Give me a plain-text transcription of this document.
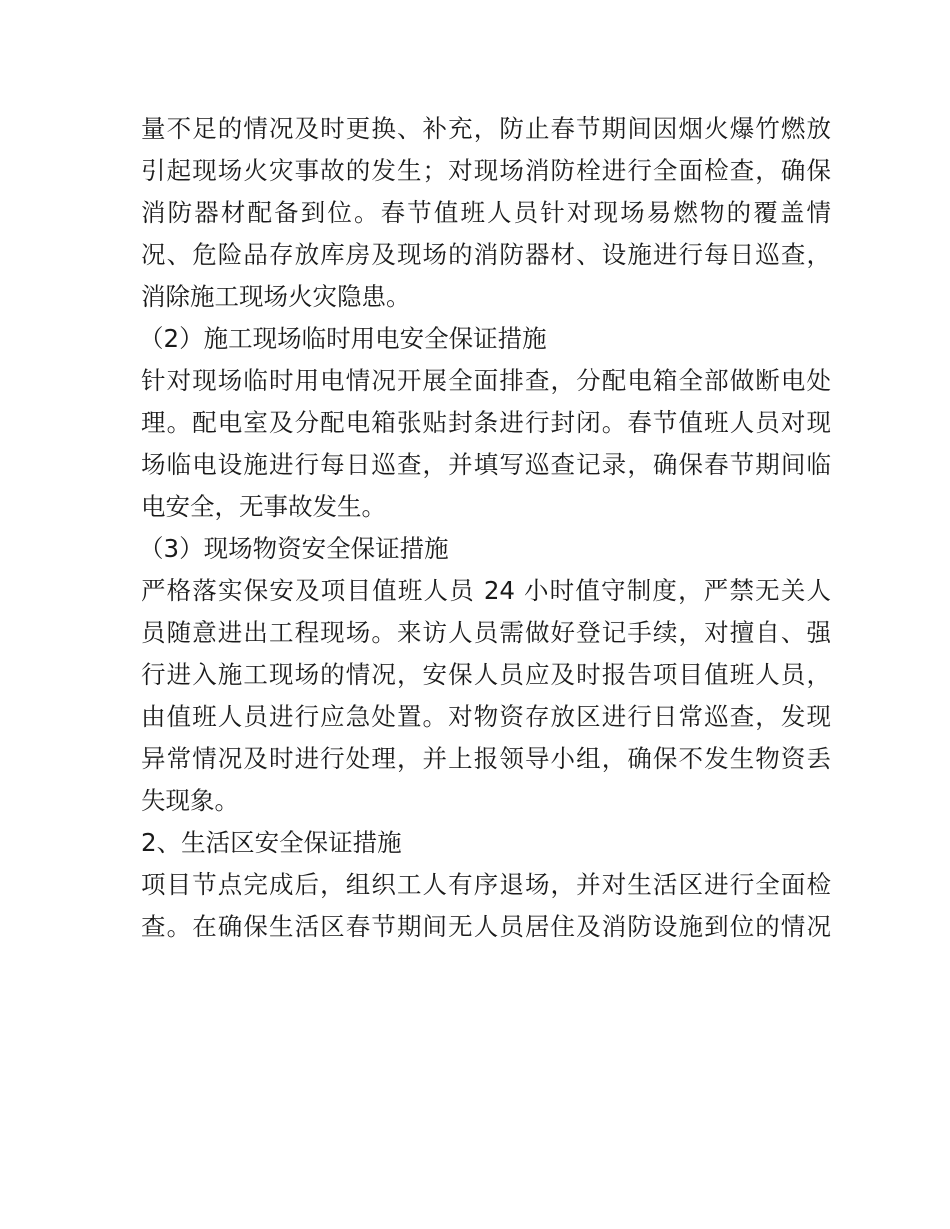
量不足的情况及时更换、补充，防止春节期间因烟火爆竹燃放
引起现场火灾事故的发生；对现场消防栓进行全面检查，确保
消防器材配备到位。春节值班人员针对现场易燃物的覆盖情
况、危险品存放库房及现场的消防器材、设施进行每日巡查，
消除施工现场火灾隐患。
（2）施工现场临时用电安全保证措施
针对现场临时用电情况开展全面排查，分配电箱全部做断电处
理。配电室及分配电箱张贴封条进行封闭。春节值班人员对现
场临电设施进行每日巡查，并填写巡查记录，确保春节期间临
电安全，无事故发生。
（3）现场物资安全保证措施
严格落实保安及项目值班人员 24 小时值守制度，严禁无关人
员随意进出工程现场。来访人员需做好登记手续，对擅自、强
行进入施工现场的情况，安保人员应及时报告项目值班人员，
由值班人员进行应急处置。对物资存放区进行日常巡查，发现
异常情况及时进行处理，并上报领导小组，确保不发生物资丢
失现象。
2、生活区安全保证措施
项目节点完成后，组织工人有序退场，并对生活区进行全面检
查。在确保生活区春节期间无人员居住及消防设施到位的情况
